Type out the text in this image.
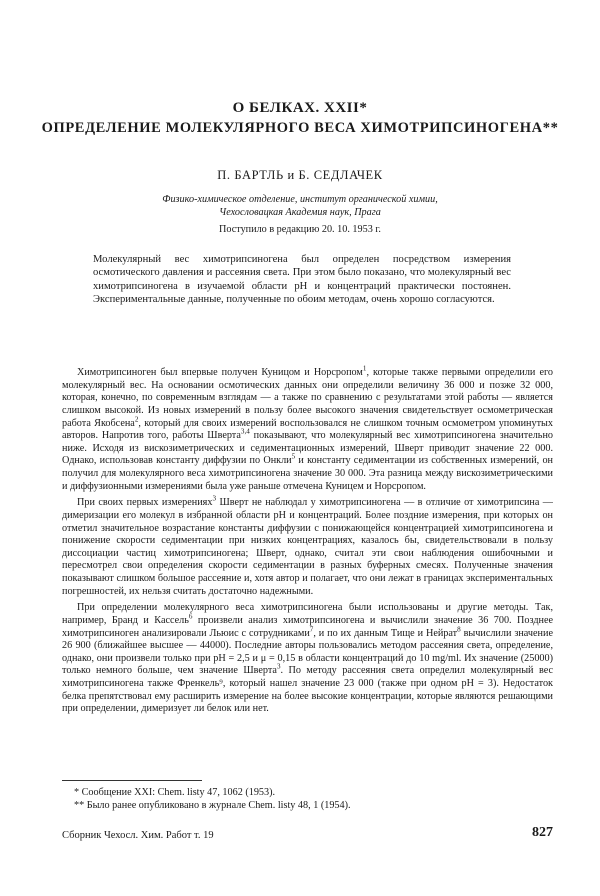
О БЕЛКАХ. XXII*
ОПРЕДЕЛЕНИЕ МОЛЕКУЛЯРНОГО ВЕСА ХИМОТРИПСИНОГЕНА**
П. БАРТЛЬ и Б. СЕДЛАЧЕК
Физико-химическое отделение, институт органической химии,
Чехословацкая Академия наук, Прага
Поступило в редакцию 20. 10. 1953 г.

Молекулярный вес химотрипсиногена был определен посредством измерения осмотического давления и рассеяния света. При этом было показано, что молекулярный вес химотрипсиногена в изучаемой области pH и концентраций практически постоянен. Экспериментальные данные, полученные по обоим методам, очень хорошо согласуются.

Химотрипсиноген был впервые получен Куницом и Норсропом$^1$, которые также первыми определили его молекулярный вес. На основании осмотических данных они определили величину 36 000 и позже 32 000, которая, конечно, по современным взглядам — а также по сравнению с результатами этой работы — является слишком высокой. Из новых измерений в пользу более высокого значения свидетельствует осмометрическая работа Якобсена$^2$, который для своих измерений воспользовался не слишком точным осмометром упоминутых авторов. Напротив того, работы Шверта$^{3,4}$ показывают, что молекулярный вес химотрипсиногена значительно ниже. Исходя из вискозиметрических и седиментационных измерений, Шверт приводит значение 22 000. Однако, использовав константу диффузии по Онкли$^5$ и константу седиментации из собственных измерений, он получил для молекулярного веса химотрипсиногена значение 30 000. Эта разница между вискозиметрическими и диффузионными измерениями была уже раньше отмечена Куницем и Норсропом.

При своих первых измерениях$^3$ Шверт не наблюдал у химотрипсиногена — в отличие от химотрипсина — димеризации его молекул в избранной области pH и концентраций. Более поздние измерения, при которых он отметил значительное возрастание константы диффузии с понижающейся концентрацией химотрипсиногена и понижение скорости седиментации при низких концентрациях, казалось бы, свидетельствовали в пользу диссоциации частиц химотрипсиногена; Шверт, однако, считал эти свои наблюдения ошибочными и пересмотрел свои определения скорости седиментации в разных буферных смесях. Полученные значения показывают слишком большое рассеяние и, хотя автор и полагает, что они лежат в границах экспериментальных погрешностей, их нельзя считать достаточно надежными.

При определении молекулярного веса химотрипсиногена были использованы и другие методы. Так, например, Бранд и Кассель$^6$ произвели анализ химотрипсиногена и вычислили значение 36 700. Позднее химотрипсиноген анализировали Льюис с сотрудниками$^7$, и по их данным Тище и Нейрат$^8$ вычислили значение 26 900 (ближайшее высшее — 44000). Последние авторы пользовались методом рассеяния света, определение, однако, они произвели только при pH = 2,5 и μ = 0,15 в области концентраций до 10 mg/ml. Их значение (25000) только немного больше, чем значение Шверта$^3$. По методу рассеяния света определил молекулярный вес химотрипсиногена также Френкель⁹, который нашел значение 23 000 (также при одном pH = 3). Недостаток белка препятствовал ему расширить измерение на более высокие концентрации, которые являются решающими при определении, димеризует ли белок или нет.

* Сообщение XXI: Chem. listy 47, 1062 (1953).
** Было ранее опубликовано в журнале Chem. listy 48, 1 (1954).
Сборник Чехосл. Хим. Работ т. 19	827
